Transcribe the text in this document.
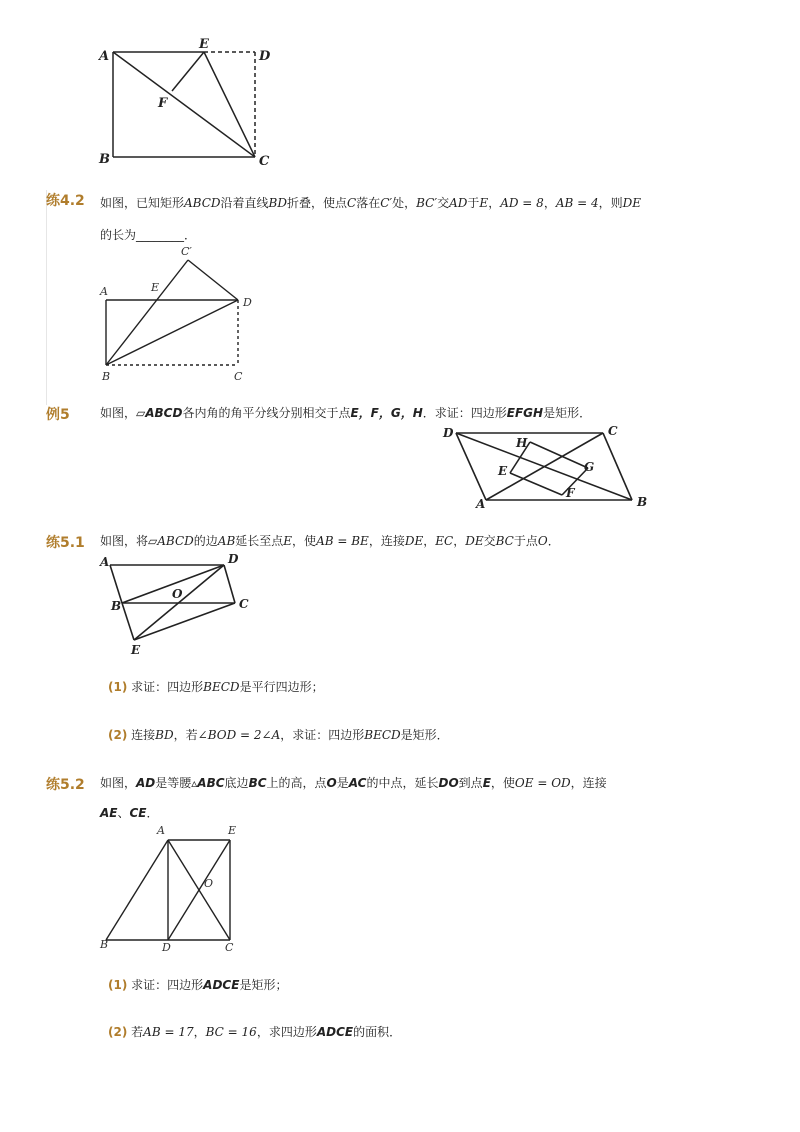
A
E
D
F
B	C
练4.2 如图，已知矩形ABCD沿着直线BD折叠，使点C落在C′处，BC′交AD于E，AD = 8，AB = 4，则DE
的长为________．
C′
A	E
D
B	C
例5	如图，▱ABCD各内角的角平分线分别相交于点E，F，G，H．求证：四边形EFGH是矩形．
D	C
H
E	G
F
A	B
练5.1 如图，将▱ABCD的边AB延长至点E，使AB = BE，连接DE，EC，DE交BC于点O．
A	D
O
B	C
E
(1) 求证：四边形BECD是平行四边形；
(2) 连接BD，若∠BOD = 2∠A，求证：四边形BECD是矩形．
练5.2 如图，AD是等腰▵ABC底边BC上的高，点O是AC的中点，延长DO到点E，使OE = OD，连接
AE、CE．
A	E
O
B	D	C
(1) 求证：四边形ADCE是矩形；
(2) 若AB = 17，BC = 16，求四边形ADCE的面积．
